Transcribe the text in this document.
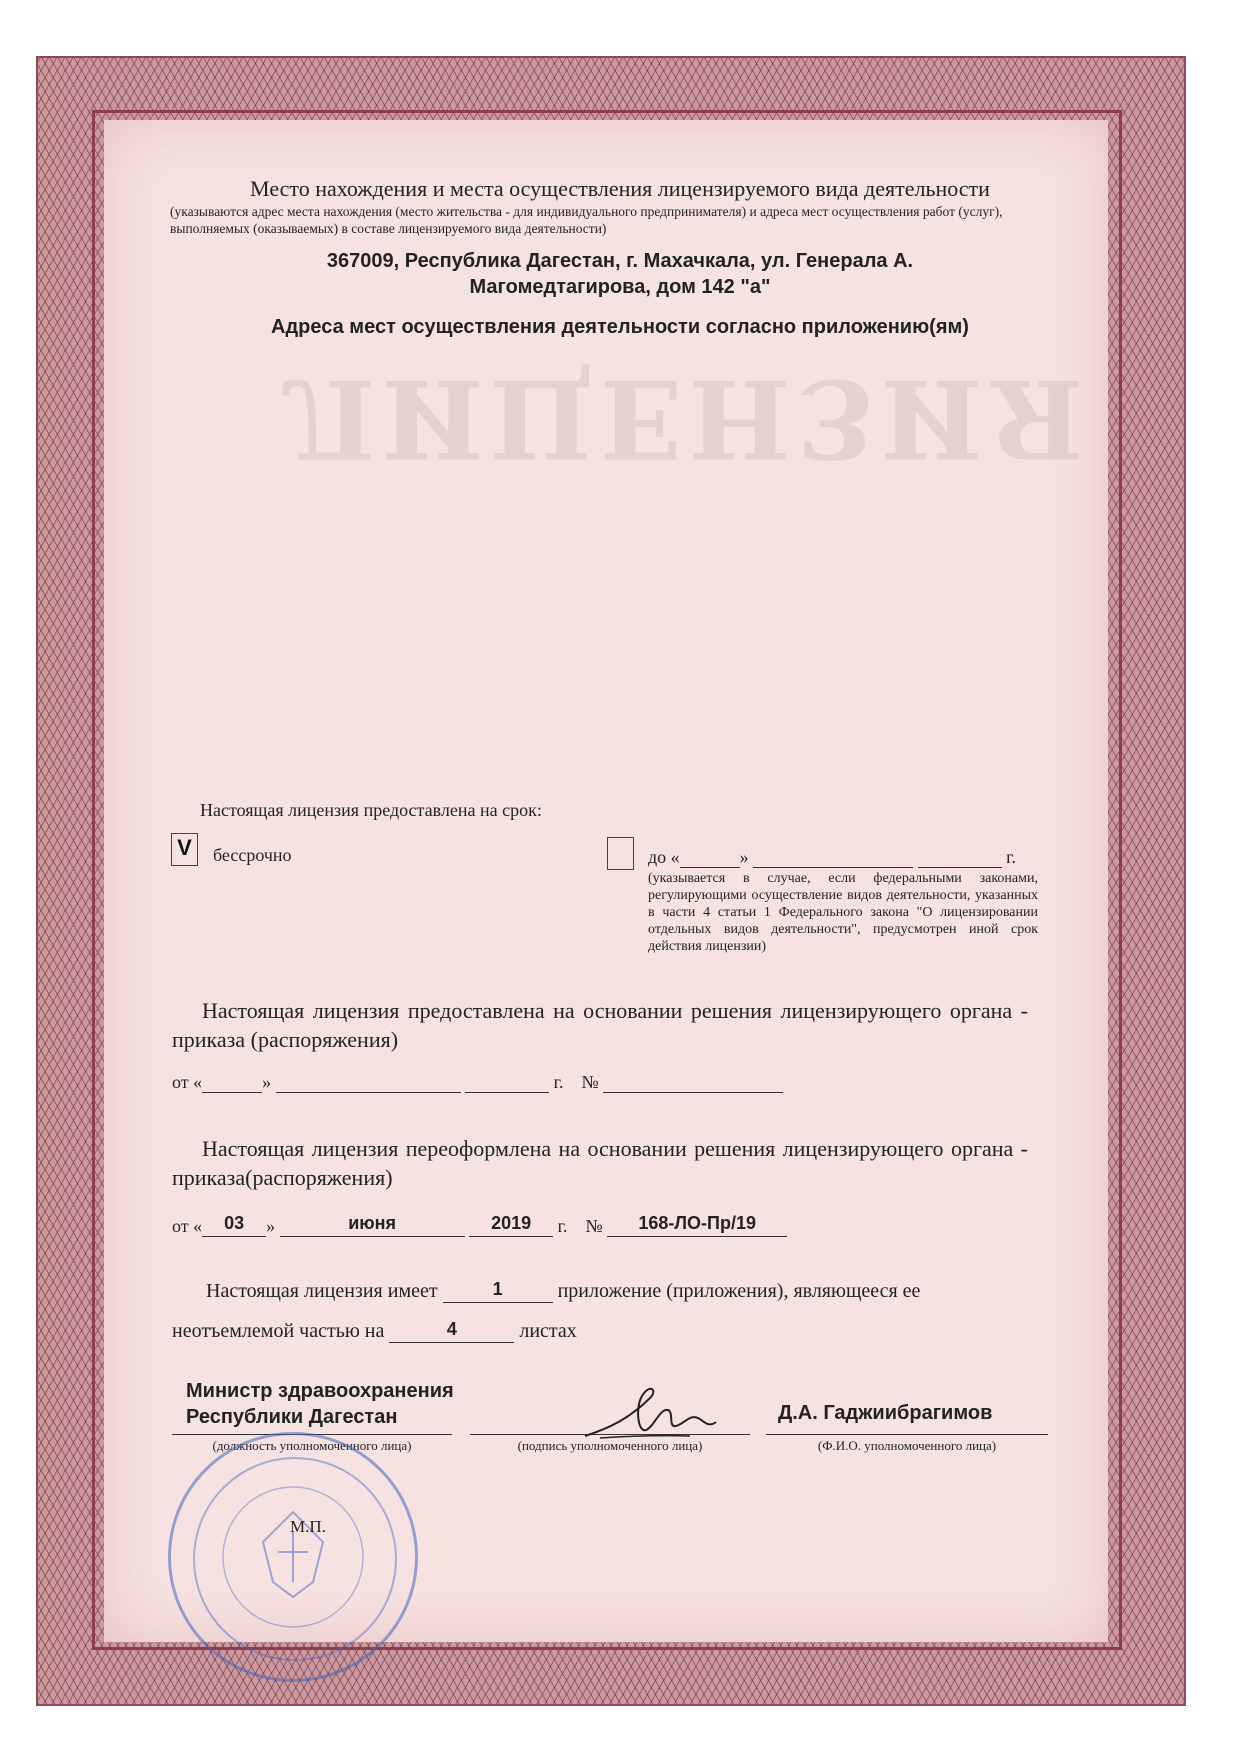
ЛИЦЕНЗИЯ
Место нахождения и места осуществления лицензируемого вида деятельности
(указываются адрес места нахождения (место жительства - для индивидуального предпринимателя) и адреса мест осуществления работ (услуг), выполняемых (оказываемых) в составе лицензируемого вида деятельности)
367009, Республика Дагестан, г. Махачкала, ул. Генерала А.
Магомедтагирова, дом 142 "а"
Адреса мест осуществления деятельности согласно приложению(ям)
Настоящая лицензия предоставлена на срок:
V	бессрочно	до «	»	г.
(указывается в случае, если федеральными законами, регулирующими осуществление видов деятельности, указанных в части 4 статьи 1 Федерального закона "О лицензировании отдельных видов деятельности", предусмотрен иной срок действия лицензии)
Настоящая лицензия предоставлена на основании решения лицензирующего органа - приказа (распоряжения)
от «	»	г. №
Настоящая лицензия переоформлена на основании решения лицензирующего органа - приказа(распоряжения)
от « 03 »	июня	2019 г. № 168-ЛО-Пр/19
Настоящая лицензия имеет	1	приложение (приложения), являющееся ее
неотъемлемой частью на	4	листах
Министр здравоохранения
Республики Дагестан	Д.А. Гаджиибрагимов
(должность уполномоченного лица)	(подпись уполномоченного лица)	(Ф.И.О. уполномоченного лица)
М.П.
